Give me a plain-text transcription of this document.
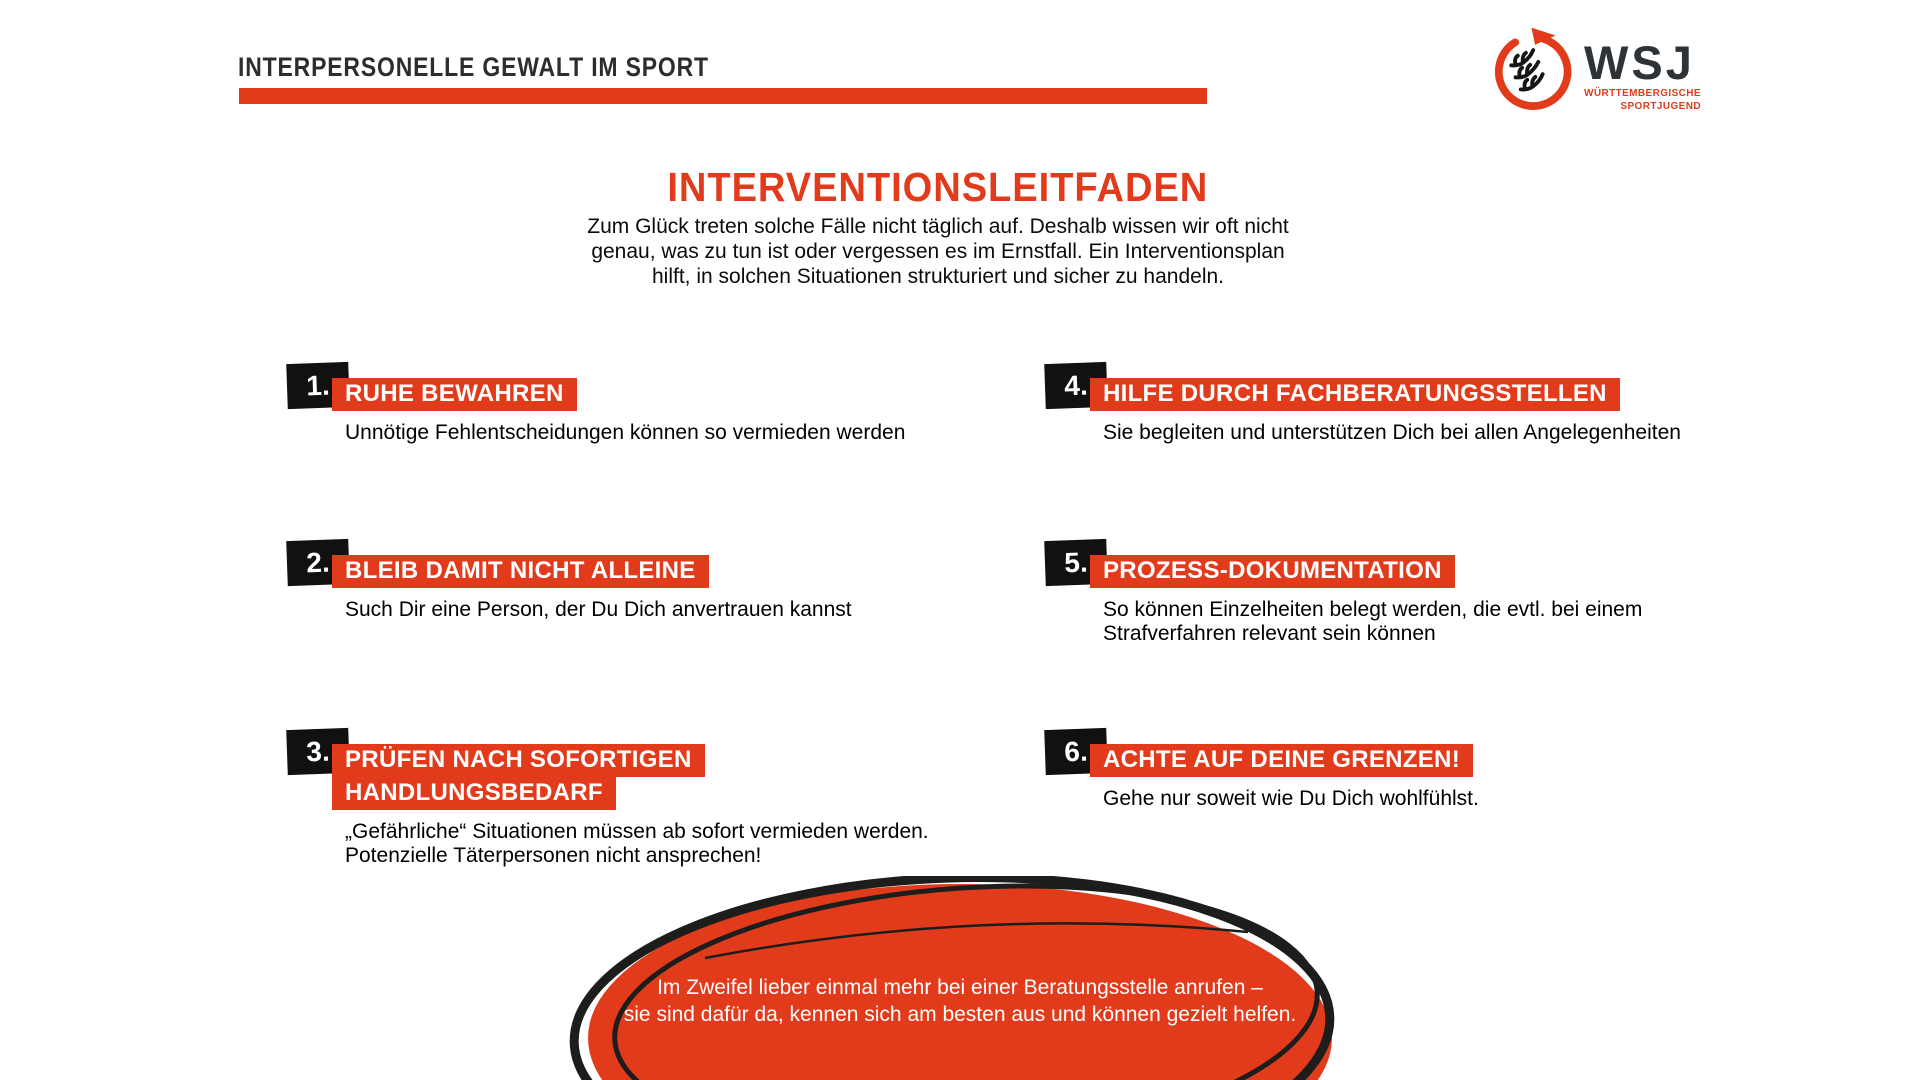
INTERPERSONELLE GEWALT IM SPORT	WSJ
WÜRTTEMBERGISCHE
SPORTJUGEND
INTERVENTIONSLEITFADEN
Zum Glück treten solche Fälle nicht täglich auf. Deshalb wissen wir oft nicht
genau, was zu tun ist oder vergessen es im Ernstfall. Ein Interventionsplan
hilft, in solchen Situationen strukturiert und sicher zu handeln.
1. RUHE BEWAHREN
Unnötige Fehlentscheidungen können so vermieden werden
2. BLEIB DAMIT NICHT ALLEINE
Such Dir eine Person, der Du Dich anvertrauen kannst
3. PRÜFEN NACH SOFORTIGEN
HANDLUNGSBEDARF
„Gefährliche“ Situationen müssen ab sofort vermieden werden.
Potenzielle Täterpersonen nicht ansprechen!
4. HILFE DURCH FACHBERATUNGSSTELLEN
Sie begleiten und unterstützen Dich bei allen Angelegenheiten
5. PROZESS-DOKUMENTATION
So können Einzelheiten belegt werden, die evtl. bei einem
Strafverfahren relevant sein können
6. ACHTE AUF DEINE GRENZEN!
Gehe nur soweit wie Du Dich wohlfühlst.
Im Zweifel lieber einmal mehr bei einer Beratungsstelle anrufen –
sie sind dafür da, kennen sich am besten aus und können gezielt helfen.
